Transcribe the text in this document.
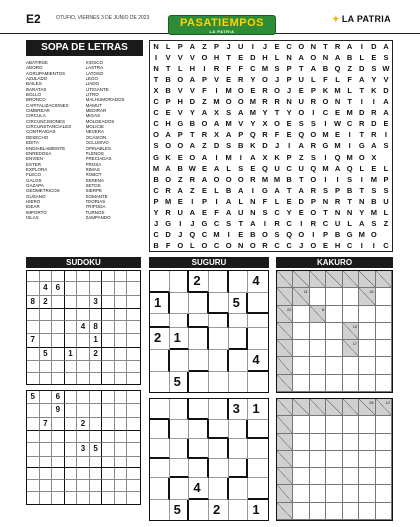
E2	OTUFIO, VIERNES 3 DE JUNIO DE 2023	PASATIEMPOS
LA PATRIA
✦ LA PATRIA
SOPA DE LETRAS
ABATIRSE
ADORO
AGRUPAMIENTOS
AZULADO
BAILES
BARATAS
BOLLO
BRONCO
CAPITALIZACIONES
CIMBREAR
CIRCULA
CIRCUNCISIONES
CIRCUNSTANCIALES
CONTRAIDAS
DESECHO
EDITA
ENDIABLAMIENTE
ENREDOSA
ENVIEN
ESTER
EXPLORA
FLECO
GALOS
GAZAPA
GEOMETRICOS
GUSANO
HIERO
IDEAR
IMPORTO
ISLAS
KIOSCO
LASTRA
LATOSO
LEGO
LIADO
LITIGANTE
LITRO
MALHUMORADOS
MAMUT
MEDIRAR
MIGAS
MOLDEADOS
MOLICIE
NEVERA
OCASION
OCLUSIVO
OPINABLES
PLENOS
PRECIADAS
PROSA
RIMAS
ROBOT
SERENA
SETOS
SIERPE
SOMANTE
TEORIAS
TRIPODA
TURNOS
ZAMPANDO
N L P A Z P	J U	I	J	E C O N T R A	I	D A
I	V V V O H T E D H L N A O N A B L E S
N T	L H	I	R F	F C M S P T A B Q Z D S W
T B O A P V E R Y O J	P U L	F	L	F A Y V
X B V V F	I	M O E R O J	E P K M L	T K D
C P H D Z M O O M R R N U R O N T	I	I	A
C E V Y A X S A M Y T Y O	I	C E M D R A
C H G B O A M V Y X O E S S	I	W C R D E
O A P T R X A P Q R F E Q O M E	I	T R	I
S O O A Z D S B K D J	I	A R G M	I	G A S
G K E O A	I	M	I	A X K P Z S	I	Q M O X
M A B W E A L S E Q U C U Q M A Q L E L
B O Z R A O O O R M M B T O	I	I	S	I	M P
C R A Z E L B A	I	G A T A R S P B T S S
P M E	I	P	I	A L N F	L E D P N R T N B U
Y R U A E F A U N S C Y E O T N N Y M L
J G	I	J G C S T A	I	R C	I	R C U L A S Z
C D J Q C M	I	E B O S Q O	I	P B G M O
B F O L O C O N O R C C J O E H C	I	I	C
SUDOKU	SUGURU	KAKURO
4	6
8	2	3
4	8
7	1
5	1	2
5	6
9
7	2
3	5
2	4
1	5
2 1
4
5
3 1
4
5	2	1
11	15
22	8
12
17
26	12
